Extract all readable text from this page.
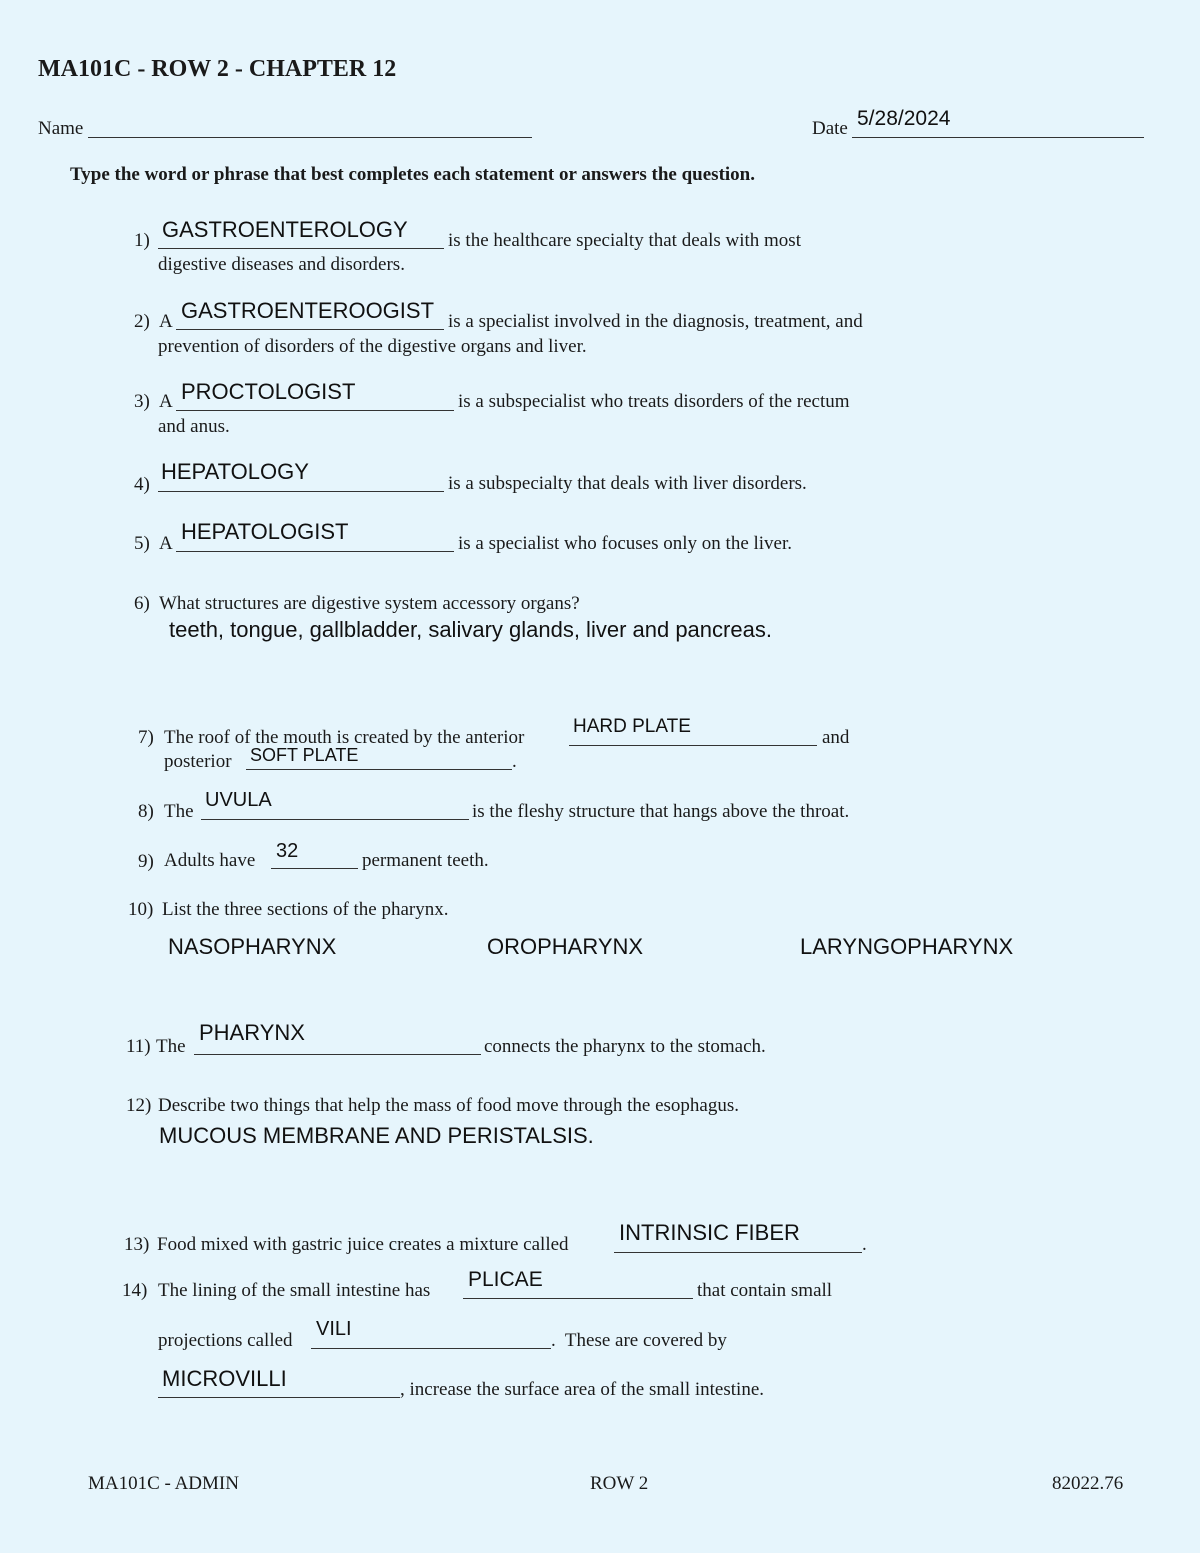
MA101C - ROW 2 - CHAPTER 12
Name	Date 5/28/2024
Type the word or phrase that best completes each statement or answers the question.
1) GASTROENTEROLOGY is the healthcare specialty that deals with most
digestive diseases and disorders.
2) A GASTROENTEROOGIST is a specialist involved in the diagnosis, treatment, and
prevention of disorders of the digestive organs and liver.
3) A PROCTOLOGIST	is a subspecialist who treats disorders of the rectum
and anus.
4)
HEPATOLOGY	is a subspecialty that deals with liver disorders.
5) A HEPATOLOGIST	is a specialist who focuses only on the liver.
6) What structures are digestive system accessory organs?
teeth, tongue, gallbladder, salivary glands, liver and pancreas.
7) The roof of the mouth is created by the anterior
HARD PLATE
and
posterior SOFT PLATE	.
8) The
UVULA
is the fleshy structure that hangs above the throat.
9) Adults have 32	permanent teeth.
10) List the three sections of the pharynx.
NASOPHARYNX	OROPHARYNX	LARYNGOPHARYNX
11) The
PHARYNX
connects the pharynx to the stomach.
12) Describe two things that help the mass of food move through the esophagus.
MUCOUS MEMBRANE AND PERISTALSIS.
13) Food mixed with gastric juice creates a mixture called INTRINSIC FIBER	.
14) The lining of the small intestine has PLICAE	that contain small
projections called
VILI
.  These are covered by
MICROVILLI	, increase the surface area of the small intestine.
MA101C - ADMIN	ROW 2	82022.76
